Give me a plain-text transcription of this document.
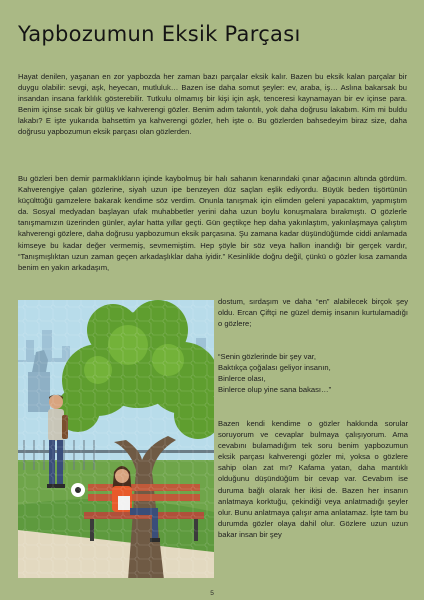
Yapbozumun Eksik Parçası

Hayat denilen, yaşanan en zor yapbozda her zaman bazı parçalar eksik kalır. Bazen bu eksik kalan parçalar bir duygu olabilir: sevgi, aşk, heyecan, mutluluk… Bazen ise daha somut şeyler: ev, araba, iş… Aslına bakarsak bu insandan insana farklılık gösterebilir. Tutkulu olmamış bir kişi için aşk, tenceresi kaynamayan bir ev içinse para. Benim içinse sıcak bir gülüş ve kahverengi gözler. Benim adım takıntılı, yok daha doğrusu lakabım. Kim mi buldu lakabı? E işte yukarıda bahsettim ya kahverengi gözler, heh işte o. Bu gözlerden bahsedeyim biraz size, daha doğrusu yapbozumun eksik parçası olan gözlerden.

Bu gözleri ben demir parmaklıkların içinde kaybolmuş bir halı sahanın kenarındaki çınar ağacının altında gördüm. Kahverengiye çalan gözlerine, siyah uzun ipe benzeyen düz saçları eşlik ediyordu. Büyük beden tişörtünün küçülttüğü gamzelere bakarak kendime söz verdim. Onunla tanışmak için elimden geleni yapacaktım, yapmıştım da. Sosyal medyadan başlayan ufak muhabbetler yerini daha uzun boylu konuşmalara bırakmıştı. O gözlerle tanışmamızın üzerinden günler, aylar hatta yıllar geçti. Gün geçtikçe hep daha yakınlaştım, yakınlaşmaya çalıştım kahverengi gözlere, daha doğrusu yapbozumun eksik parçasına. Şu zamana kadar düşündüğümde ciddi anlamada kimseye bu kadar değer vermemiş, sevmemiştim. Hep şöyle bir söz veya halkın inandığı bir gerçek vardır, “Tanışmışlıktan uzun zaman geçen arkadaşlıklar daha iyidir.” Kesinlikle doğru değil, çünkü o gözler kısa zamanda benim en yakın arkadaşım,

dostum, sırdaşım ve daha “en” alabilecek birçok şey oldu. Ercan Çiftçi ne güzel demiş insanın kurtulamadığı o gözlere;

“Senin gözlerinde bir şey var,
Baktıkça çoğalası geliyor insanın,
Binlerce olası,
Binlerce olup yine sana bakası…”

Bazen kendi kendime o gözler hakkında sorular soruyorum ve cevaplar bulmaya çalışıyorum. Ama cevabını bulamadığım tek soru benim yapbozumun eksik parçası kahverengi gözler mi, yoksa o gözlere sahip olan zat mı? Kafama yatan, daha mantıklı olduğunu düşündüğüm bir cevap var. Cevabım ise duruma bağlı olarak her ikisi de. Bazen her insanın anlatmaya korktuğu, çekindiği veya anlatmadığı şeyler olur. Bunu anlatmaya çalışır ama anlatamaz. İşte tam bu durumda gözler olaya dahil olur. Gözlere uzun uzun bakar insan bir şey

5
